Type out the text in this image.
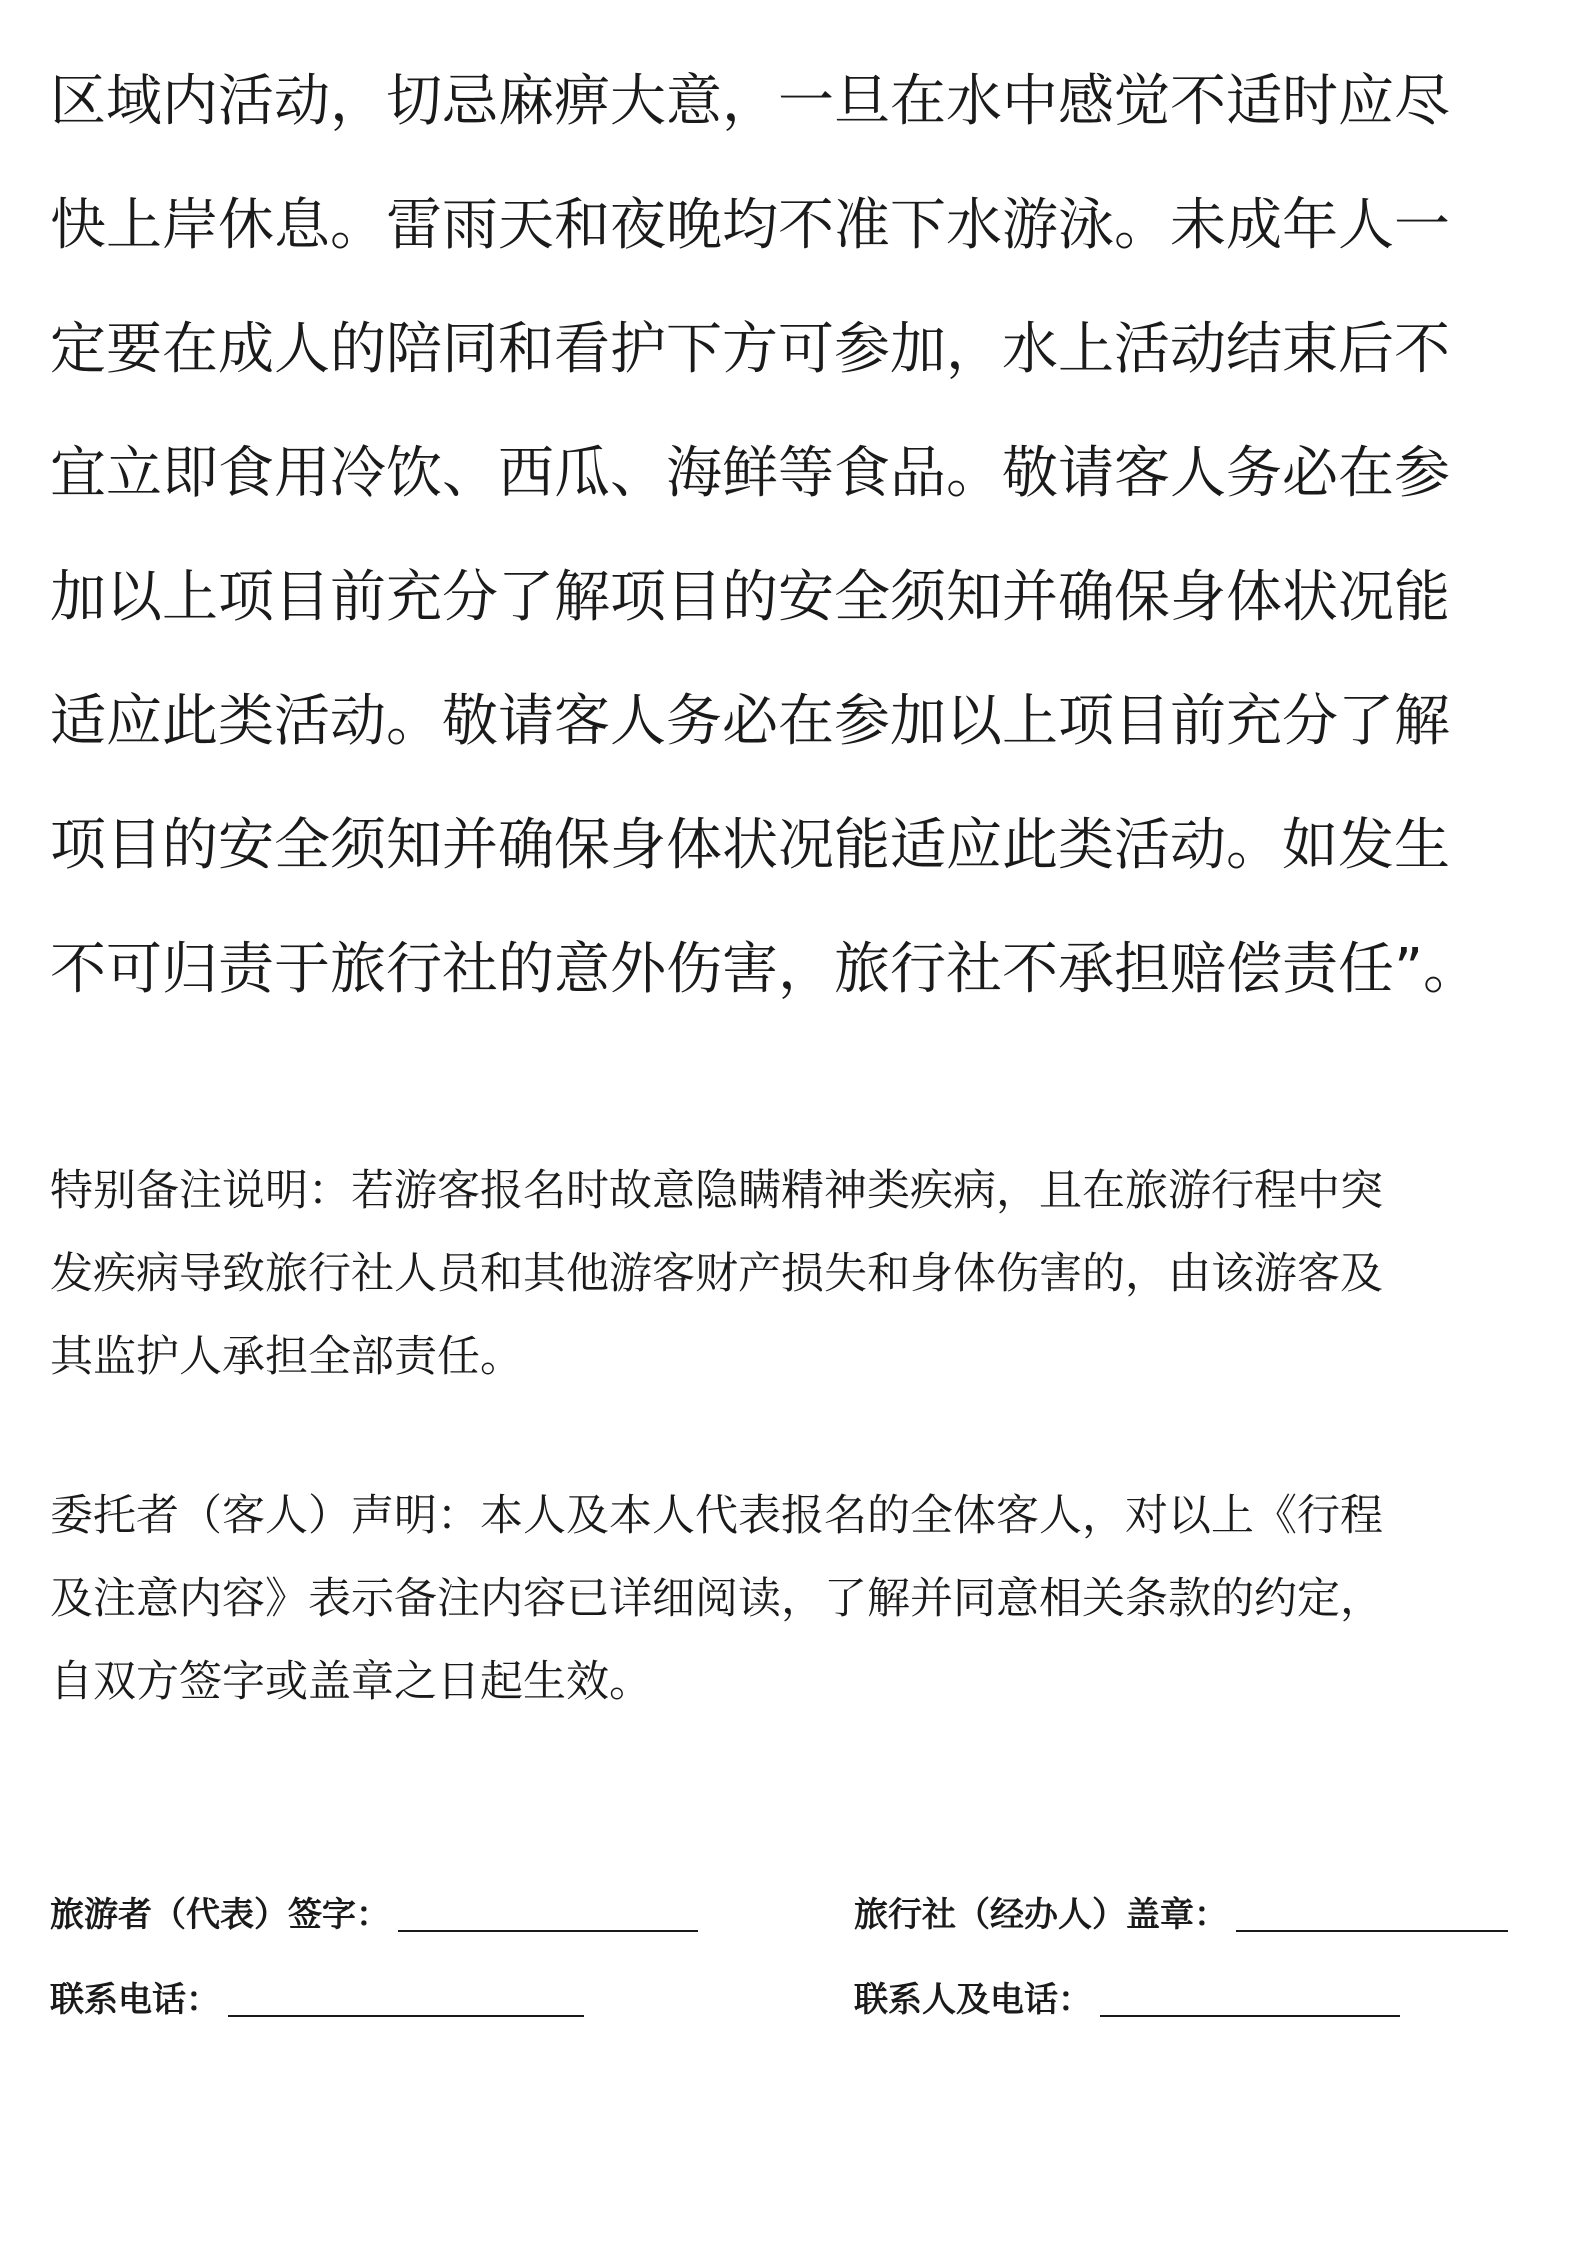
区域内活动，切忌麻痹大意，一旦在水中感觉不适时应尽
快上岸休息。雷雨天和夜晚均不准下水游泳。未成年人一
定要在成人的陪同和看护下方可参加，水上活动结束后不
宜立即食用冷饮、西瓜、海鲜等食品。敬请客人务必在参
加以上项目前充分了解项目的安全须知并确保身体状况能
适应此类活动。敬请客人务必在参加以上项目前充分了解
项目的安全须知并确保身体状况能适应此类活动。如发生
不可归责于旅行社的意外伤害，旅行社不承担赔偿责任”。
特别备注说明：若游客报名时故意隐瞒精神类疾病，且在旅游行程中突
发疾病导致旅行社人员和其他游客财产损失和身体伤害的，由该游客及
其监护人承担全部责任。
委托者（客人）声明：本人及本人代表报名的全体客人，对以上《行程
及注意内容》表示备注内容已详细阅读，了解并同意相关条款的约定，
自双方签字或盖章之日起生效。
旅游者（代表）签字：	旅行社（经办人）盖章：
联系电话：	联系人及电话：
